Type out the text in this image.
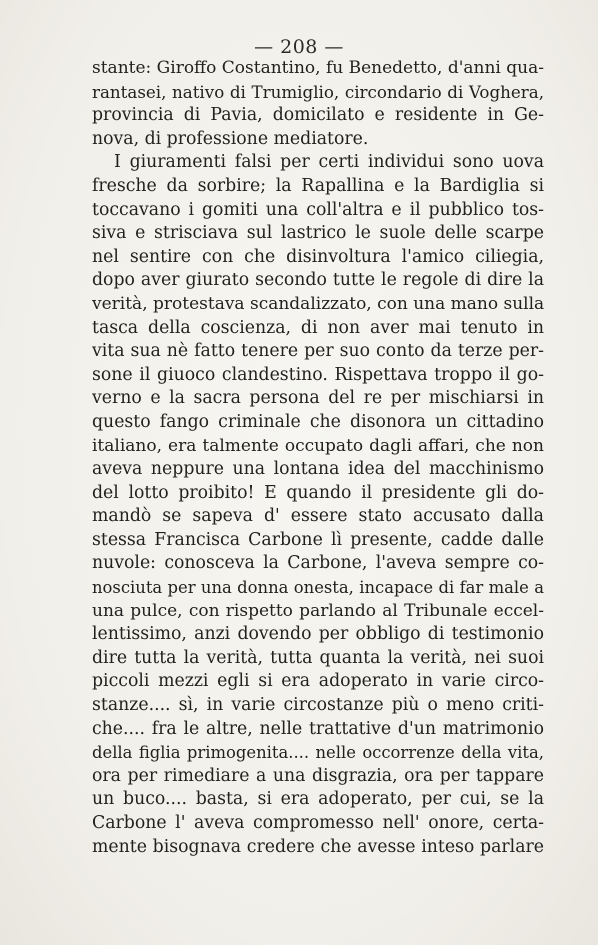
— 208 —
stante: Giroffo Costantino, fu Benedetto, d'anni qua-
rantasei, nativo di Trumiglio, circondario di Voghera,
provincia di Pavia, domicilato e residente in Ge-
nova, di professione mediatore.
I giuramenti falsi per certi individui sono uova
fresche da sorbire; la Rapallina e la Bardiglia si
toccavano i gomiti una coll'altra e il pubblico tos-
siva e strisciava sul lastrico le suole delle scarpe
nel sentire con che disinvoltura l'amico ciliegia,
dopo aver giurato secondo tutte le regole di dire la
verità, protestava scandalizzato, con una mano sulla
tasca della coscienza, di non aver mai tenuto in
vita sua nè fatto tenere per suo conto da terze per-
sone il giuoco clandestino. Rispettava troppo il go-
verno e la sacra persona del re per mischiarsi in
questo fango criminale che disonora un cittadino
italiano, era talmente occupato dagli affari, che non
aveva neppure una lontana idea del macchinismo
del lotto proibito! E quando il presidente gli do-
mandò se sapeva d' essere stato accusato dalla
stessa Francisca Carbone lì presente, cadde dalle
nuvole: conosceva la Carbone, l'aveva sempre co-
nosciuta per una donna onesta, incapace di far male a
una pulce, con rispetto parlando al Tribunale eccel-
lentissimo, anzi dovendo per obbligo di testimonio
dire tutta la verità, tutta quanta la verità, nei suoi
piccoli mezzi egli si era adoperato in varie circo-
stanze.... sì, in varie circostanze più o meno criti-
che.... fra le altre, nelle trattative d'un matrimonio
della figlia primogenita.... nelle occorrenze della vita,
ora per rimediare a una disgrazia, ora per tappare
un buco.... basta, si era adoperato, per cui, se la
Carbone l' aveva compromesso nell' onore, certa-
mente bisognava credere che avesse inteso parlare
